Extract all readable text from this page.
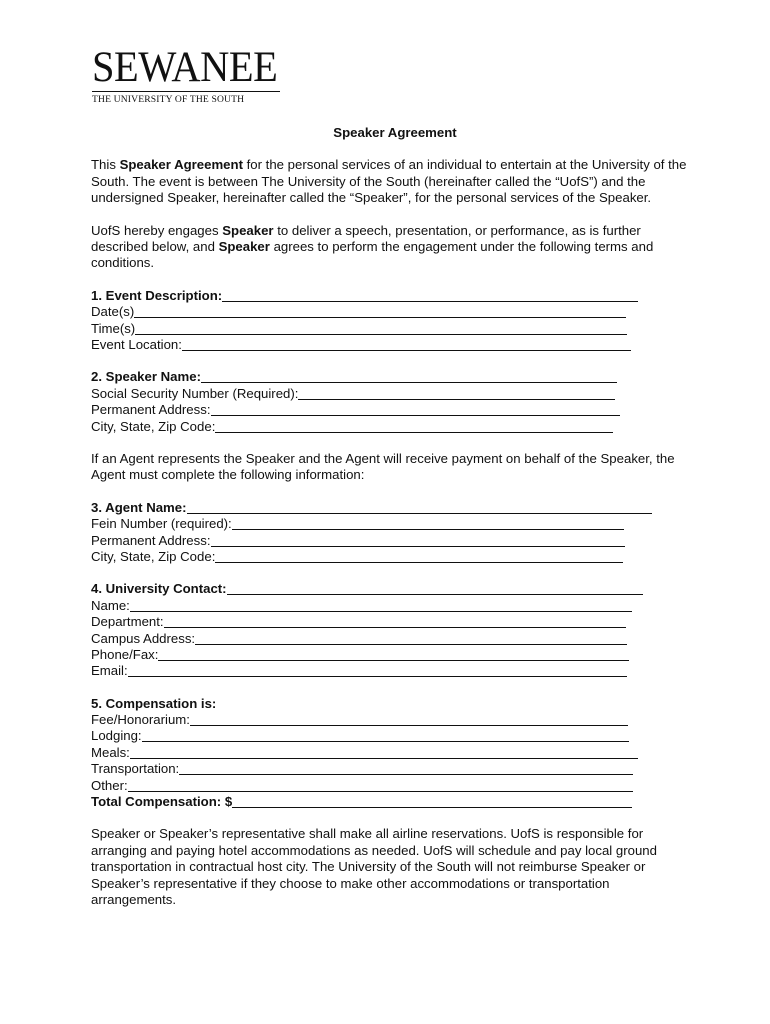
SEWANEE
THE UNIVERSITY OF THE SOUTH
Speaker Agreement

This Speaker Agreement for the personal services of an individual to entertain at the University of the South. The event is between The University of the South (hereinafter called the “UofS”) and the undersigned Speaker, hereinafter called the “Speaker”, for the personal services of the Speaker.

UofS hereby engages Speaker to deliver a speech, presentation, or performance, as is further described below, and Speaker agrees to perform the engagement under the following terms and conditions.

1. Event Description:
Date(s)
Time(s)
Event Location:
2. Speaker Name:
Social Security Number (Required):
Permanent Address:
City, State, Zip Code:

If an Agent represents the Speaker and the Agent will receive payment on behalf of the Speaker, the Agent must complete the following information:

3. Agent Name:
Fein Number (required):
Permanent Address:
City, State, Zip Code:
4. University Contact:
Name:
Department:
Campus Address:
Phone/Fax:
Email:
5. Compensation is:
Fee/Honorarium:
Lodging:
Meals:
Transportation:
Other:
Total Compensation: $

Speaker or Speaker’s representative shall make all airline reservations. UofS is responsible for arranging and paying hotel accommodations as needed. UofS will schedule and pay local ground transportation in contractual host city. The University of the South will not reimburse Speaker or Speaker’s representative if they choose to make other accommodations or transportation arrangements.
